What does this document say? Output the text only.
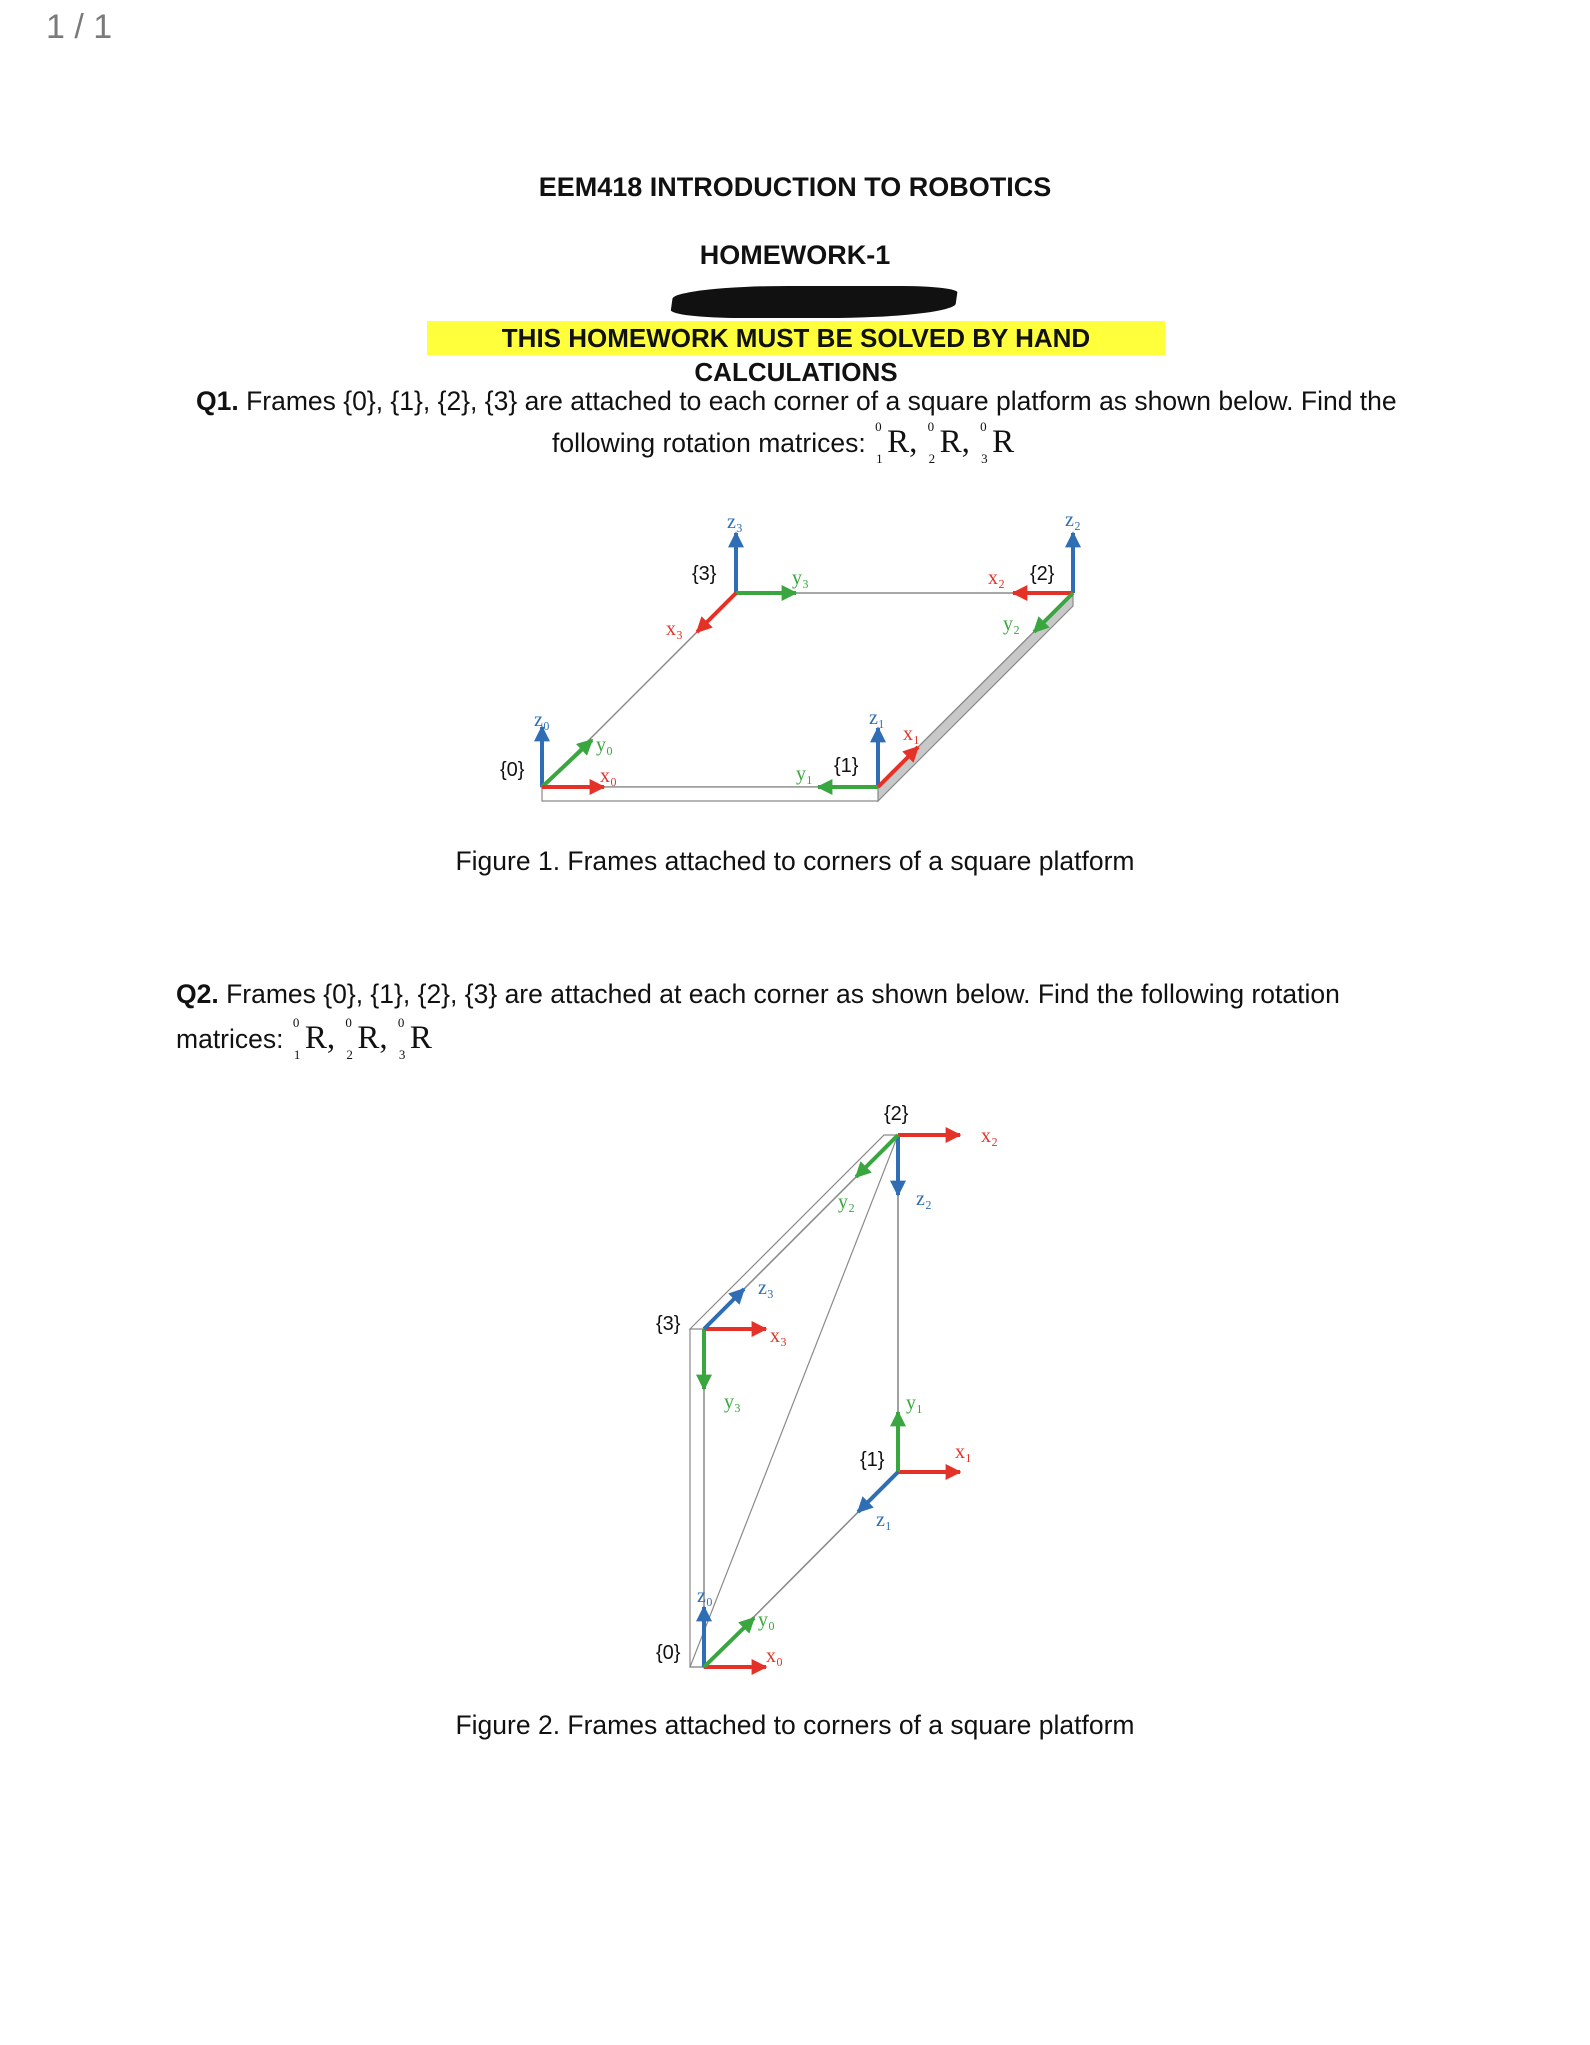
1 / 1
EEM418 INTRODUCTION TO ROBOTICS
HOMEWORK-1
THIS HOMEWORK MUST BE SOLVED BY HAND CALCULATIONS
Q1. Frames {0}, {1}, {2}, {3} are attached to each corner of a square platform as shown below. Find the
following rotation matrices:
0
1 R, 0
2 R, 0
3 R
{0}
z₀
y₀
x₀	{1}
z₁
x₁
y₁
{2}
z₂
x₂
y₂
{3}
z₃
y₃
x₃
Figure 1. Frames attached to corners of a square platform
Q2. Frames {0}, {1}, {2}, {3} are attached at each corner as shown below. Find the following rotation
matrices:
0
1 R, 0
2 R, 0
3 R
{0}
z₀
y₀
x₀
{1}	x₁
y₁
z₁
{2}
x₂
z₂
y₂
{3}
x₃
y₃
z₃
Figure 2. Frames attached to corners of a square platform
